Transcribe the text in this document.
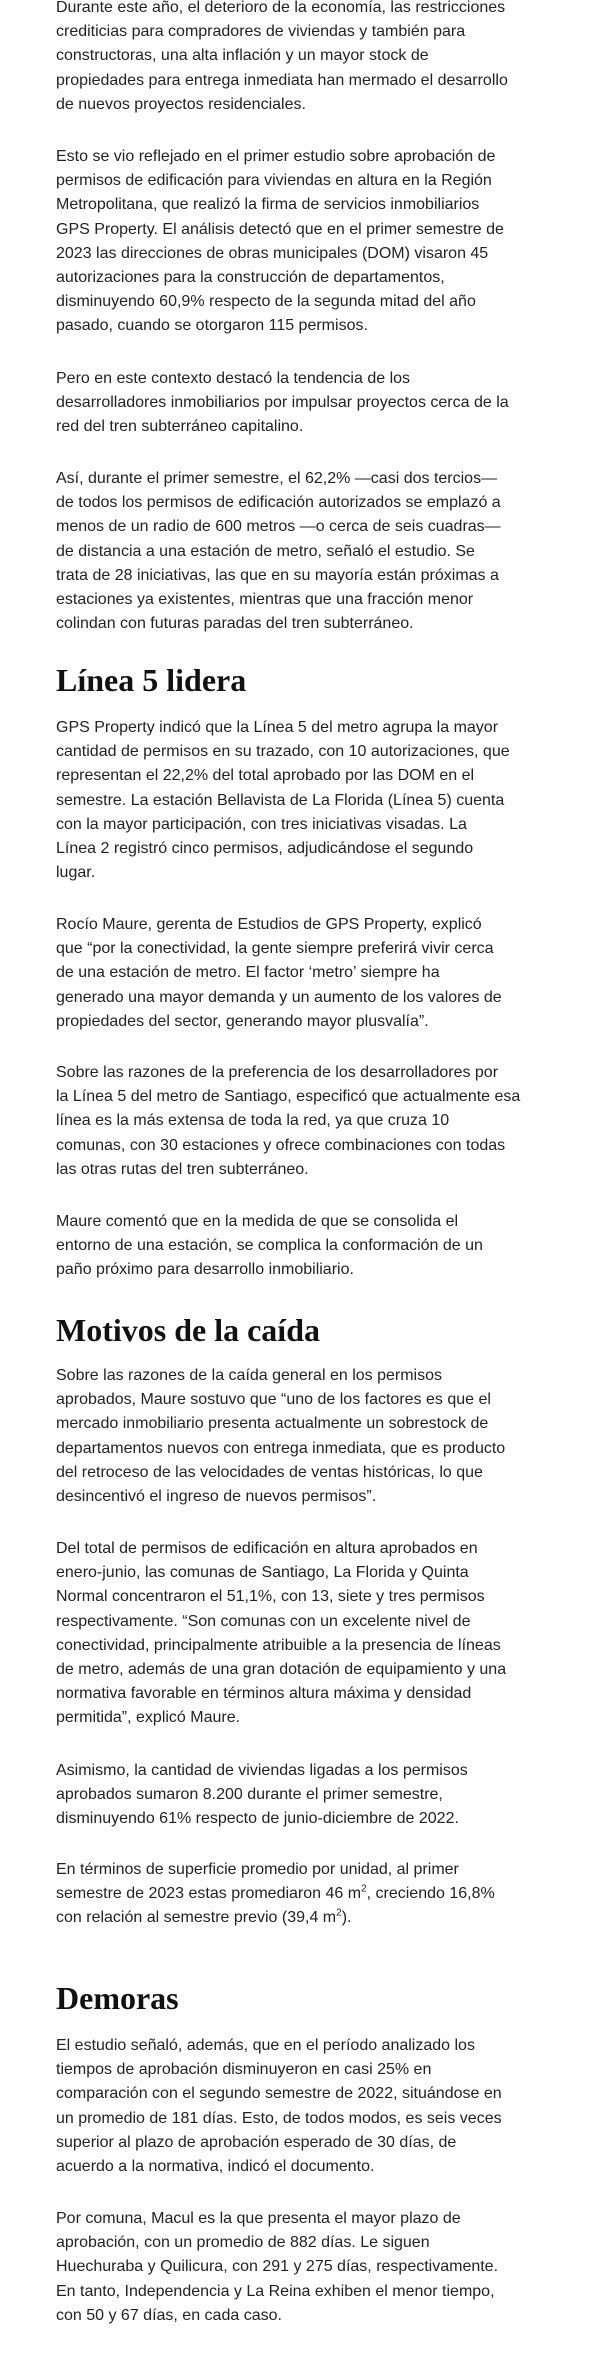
Durante este año, el deterioro de la economía, las restricciones
crediticias para compradores de viviendas y también para
constructoras, una alta inflación y un mayor stock de
propiedades para entrega inmediata han mermado el desarrollo
de nuevos proyectos residenciales.
Esto se vio reflejado en el primer estudio sobre aprobación de
permisos de edificación para viviendas en altura en la Región
Metropolitana, que realizó la firma de servicios inmobiliarios
GPS Property. El análisis detectó que en el primer semestre de
2023 las direcciones de obras municipales (DOM) visaron 45
autorizaciones para la construcción de departamentos,
disminuyendo 60,9% respecto de la segunda mitad del año
pasado, cuando se otorgaron 115 permisos.
Pero en este contexto destacó la tendencia de los
desarrolladores inmobiliarios por impulsar proyectos cerca de la
red del tren subterráneo capitalino.
Así, durante el primer semestre, el 62,2% —casi dos tercios—
de todos los permisos de edificación autorizados se emplazó a
menos de un radio de 600 metros —o cerca de seis cuadras—
de distancia a una estación de metro, señaló el estudio. Se
trata de 28 iniciativas, las que en su mayoría están próximas a
estaciones ya existentes, mientras que una fracción menor
colindan con futuras paradas del tren subterráneo.
Línea 5 lidera
GPS Property indicó que la Línea 5 del metro agrupa la mayor
cantidad de permisos en su trazado, con 10 autorizaciones, que
representan el 22,2% del total aprobado por las DOM en el
semestre. La estación Bellavista de La Florida (Línea 5) cuenta
con la mayor participación, con tres iniciativas visadas. La
Línea 2 registró cinco permisos, adjudicándose el segundo
lugar.
Rocío Maure, gerenta de Estudios de GPS Property, explicó
que “por la conectividad, la gente siempre preferirá vivir cerca
de una estación de metro. El factor ‘metro’ siempre ha
generado una mayor demanda y un aumento de los valores de
propiedades del sector, generando mayor plusvalía”.
Sobre las razones de la preferencia de los desarrolladores por
la Línea 5 del metro de Santiago, especificó que actualmente esa
línea es la más extensa de toda la red, ya que cruza 10
comunas, con 30 estaciones y ofrece combinaciones con todas
las otras rutas del tren subterráneo.
Maure comentó que en la medida de que se consolida el
entorno de una estación, se complica la conformación de un
paño próximo para desarrollo inmobiliario.
Motivos de la caída
Sobre las razones de la caída general en los permisos
aprobados, Maure sostuvo que “uno de los factores es que el
mercado inmobiliario presenta actualmente un sobrestock de
departamentos nuevos con entrega inmediata, que es producto
del retroceso de las velocidades de ventas históricas, lo que
desincentivó el ingreso de nuevos permisos”.
Del total de permisos de edificación en altura aprobados en
enero-junio, las comunas de Santiago, La Florida y Quinta
Normal concentraron el 51,1%, con 13, siete y tres permisos
respectivamente. “Son comunas con un excelente nivel de
conectividad, principalmente atribuible a la presencia de líneas
de metro, además de una gran dotación de equipamiento y una
normativa favorable en términos altura máxima y densidad
permitida”, explicó Maure.
Asimismo, la cantidad de viviendas ligadas a los permisos
aprobados sumaron 8.200 durante el primer semestre,
disminuyendo 61% respecto de junio-diciembre de 2022.
En términos de superficie promedio por unidad, al primer
semestre de 2023 estas promediaron 46 $m^2$, creciendo 16,8%
con relación al semestre previo (39,4 $m^2$).
Demoras
El estudio señaló, además, que en el período analizado los
tiempos de aprobación disminuyeron en casi 25% en
comparación con el segundo semestre de 2022, situándose en
un promedio de 181 días. Esto, de todos modos, es seis veces
superior al plazo de aprobación esperado de 30 días, de
acuerdo a la normativa, indicó el documento.
Por comuna, Macul es la que presenta el mayor plazo de
aprobación, con un promedio de 882 días. Le siguen
Huechuraba y Quilicura, con 291 y 275 días, respectivamente.
En tanto, Independencia y La Reina exhiben el menor tiempo,
con 50 y 67 días, en cada caso.
